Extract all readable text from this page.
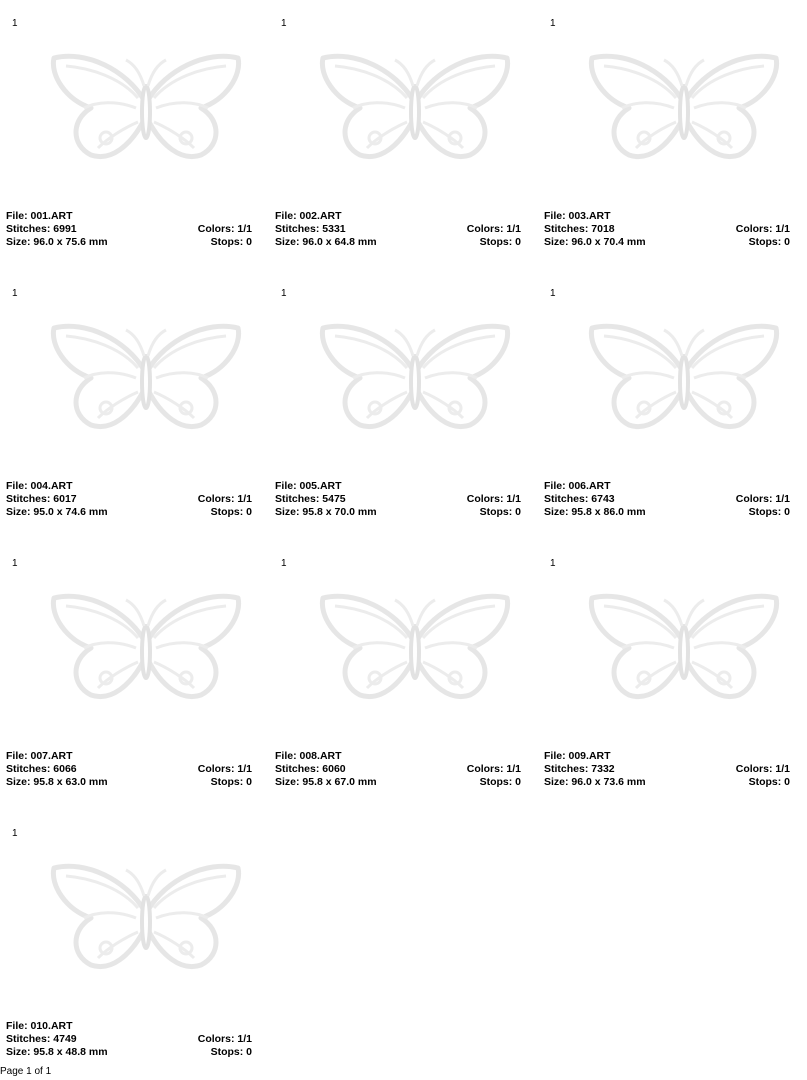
1
File: 001.ART
Stitches: 6991	Colors: 1/1
Size: 96.0 x 75.6 mm	Stops: 0
1
File: 002.ART
Stitches: 5331	Colors: 1/1
Size: 96.0 x 64.8 mm	Stops: 0
1
File: 003.ART
Stitches: 7018	Colors: 1/1
Size: 96.0 x 70.4 mm	Stops: 0
1
File: 004.ART
Stitches: 6017	Colors: 1/1
Size: 95.0 x 74.6 mm	Stops: 0
1
File: 005.ART
Stitches: 5475	Colors: 1/1
Size: 95.8 x 70.0 mm	Stops: 0
1
File: 006.ART
Stitches: 6743	Colors: 1/1
Size: 95.8 x 86.0 mm	Stops: 0
1
File: 007.ART
Stitches: 6066	Colors: 1/1
Size: 95.8 x 63.0 mm	Stops: 0
1
File: 008.ART
Stitches: 6060	Colors: 1/1
Size: 95.8 x 67.0 mm	Stops: 0
1
File: 009.ART
Stitches: 7332	Colors: 1/1
Size: 96.0 x 73.6 mm	Stops: 0
1
File: 010.ART
Stitches: 4749	Colors: 1/1
Size: 95.8 x 48.8 mm	Stops: 0
Page 1 of 1
